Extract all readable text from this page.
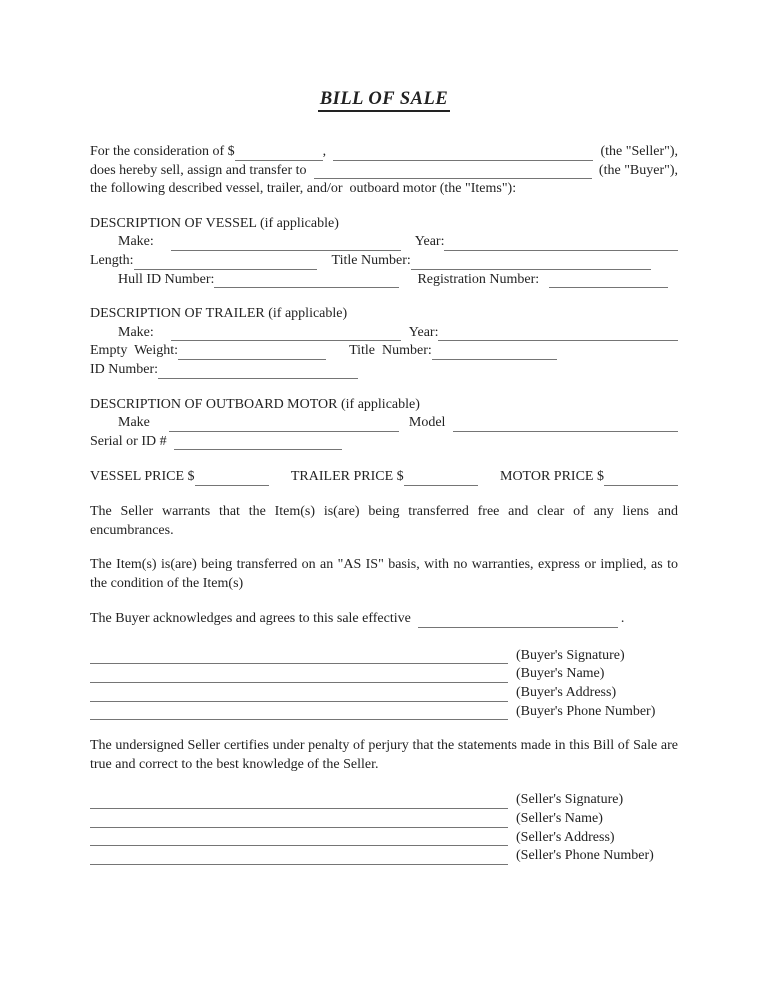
BILL OF SALE
For the consideration of $	,	(the "Seller"),
does hereby sell, assign and transfer to	(the "Buyer"),
the following described vessel, trailer, and/or  outboard motor (the "Items"):
DESCRIPTION OF VESSEL (if applicable)
Make:	Year:
Length:	Title Number:
Hull ID Number:	Registration Number:
DESCRIPTION OF TRAILER (if applicable)
Make:	Year:
Empty  Weight:	Title  Number:
ID Number:
DESCRIPTION OF OUTBOARD MOTOR (if applicable)
Make	Model
Serial or ID #
VESSEL PRICE $	TRAILER PRICE $	MOTOR PRICE $
The Seller warrants that the Item(s) is(are) being transferred free and clear of any liens and encumbrances.
The Item(s) is(are) being transferred on an "AS IS" basis, with no warranties, express or implied, as to the condition of the Item(s)
The Buyer acknowledges and agrees to this sale effective	.
(Buyer's Signature)
(Buyer's Name)
(Buyer's Address)
(Buyer's Phone Number)
The undersigned Seller certifies under penalty of perjury that the statements made in this Bill of Sale are true and correct to the best knowledge of the Seller.
(Seller's Signature)
(Seller's Name)
(Seller's Address)
(Seller's Phone Number)
